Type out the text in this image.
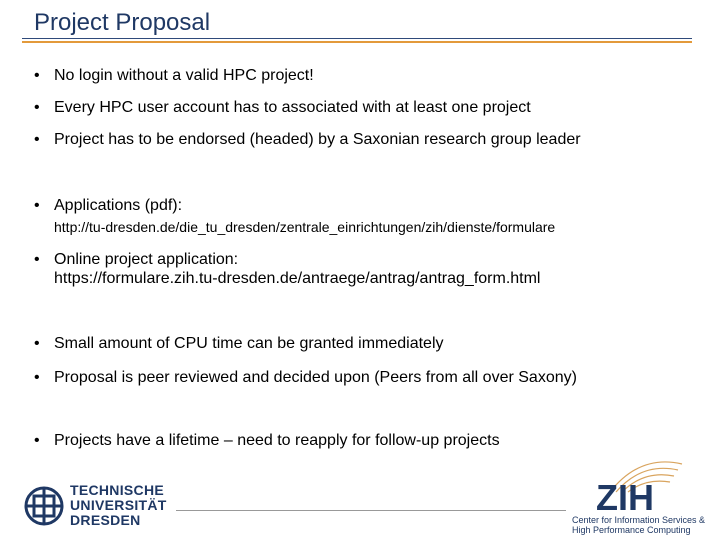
Project Proposal
• No login without a valid HPC project!
• Every HPC user account has to associated with at least one project
• Project has to be endorsed (headed) by a Saxonian research group leader
• Applications (pdf):
http://tu-dresden.de/die_tu_dresden/zentrale_einrichtungen/zih/dienste/formulare
• Online project application:
https://formulare.zih.tu-dresden.de/antraege/antrag/antrag_form.html
• Small amount of CPU time can be granted immediately
• Proposal is peer reviewed and decided upon (Peers from all over Saxony)
• Projects have a lifetime – need to reapply for follow-up projects
TECHNISCHE
UNIVERSITÄT
DRESDEN
ZIH
Center for Information Services &
High Performance Computing
